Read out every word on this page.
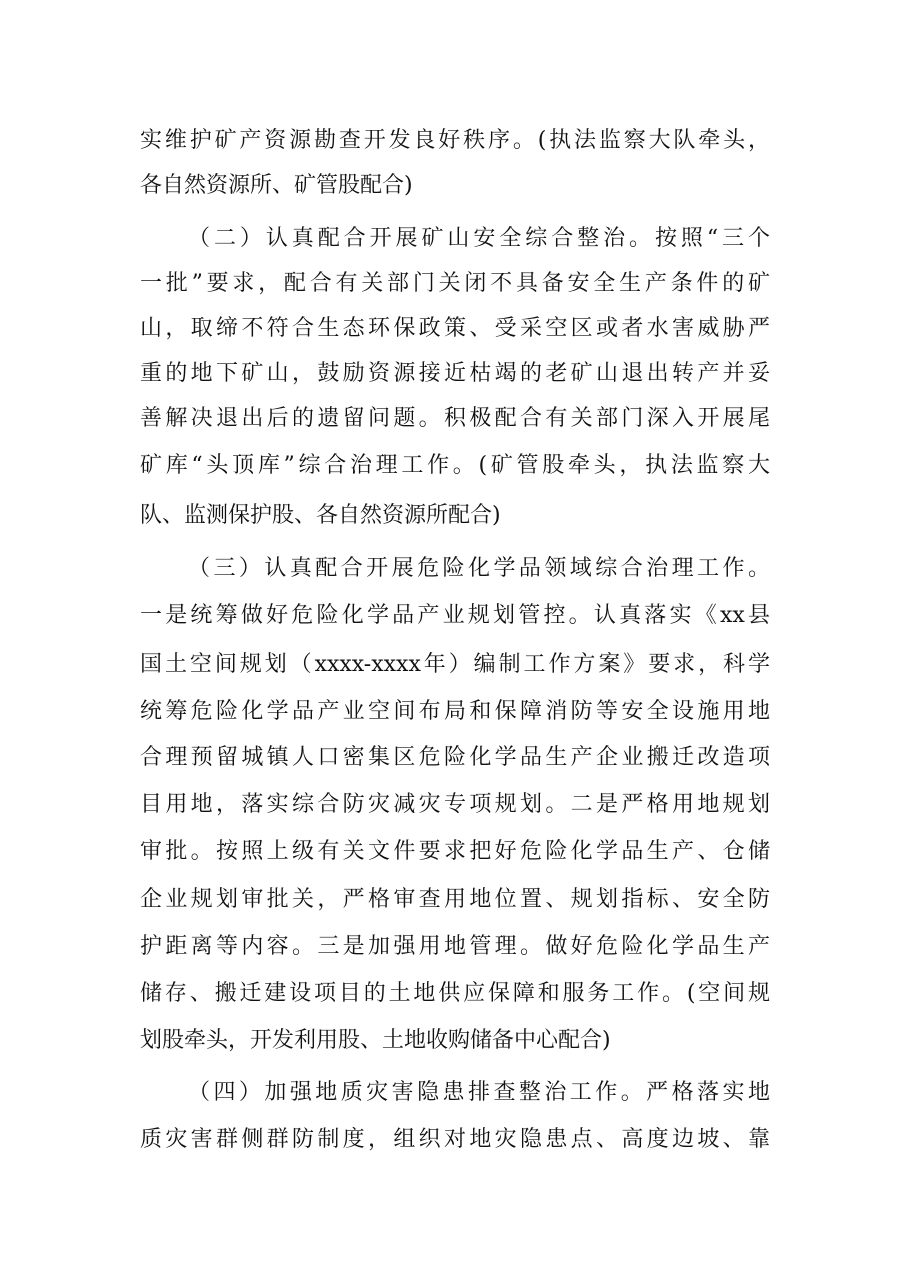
实维护矿产资源勘查开发良好秩序。(执法监察大队牵头，
各自然资源所、矿管股配合)
（二）认真配合开展矿山安全综合整治。按照“三个
一批”要求，配合有关部门关闭不具备安全生产条件的矿
山，取缔不符合生态环保政策、受采空区或者水害威胁严
重的地下矿山，鼓励资源接近枯竭的老矿山退出转产并妥
善解决退出后的遗留问题。积极配合有关部门深入开展尾
矿库“头顶库”综合治理工作。(矿管股牵头，执法监察大
队、监测保护股、各自然资源所配合)
（三）认真配合开展危险化学品领域综合治理工作。
一是统筹做好危险化学品产业规划管控。认真落实《xx县
国土空间规划（xxxx-xxxx年）编制工作方案》要求，科学
统筹危险化学品产业空间布局和保障消防等安全设施用地
合理预留城镇人口密集区危险化学品生产企业搬迁改造项
目用地，落实综合防灾减灾专项规划。二是严格用地规划
审批。按照上级有关文件要求把好危险化学品生产、仓储
企业规划审批关，严格审查用地位置、规划指标、安全防
护距离等内容。三是加强用地管理。做好危险化学品生产
储存、搬迁建设项目的土地供应保障和服务工作。(空间规
划股牵头，开发利用股、土地收购储备中心配合)
（四）加强地质灾害隐患排查整治工作。严格落实地
质灾害群侧群防制度，组织对地灾隐患点、高度边坡、靠
